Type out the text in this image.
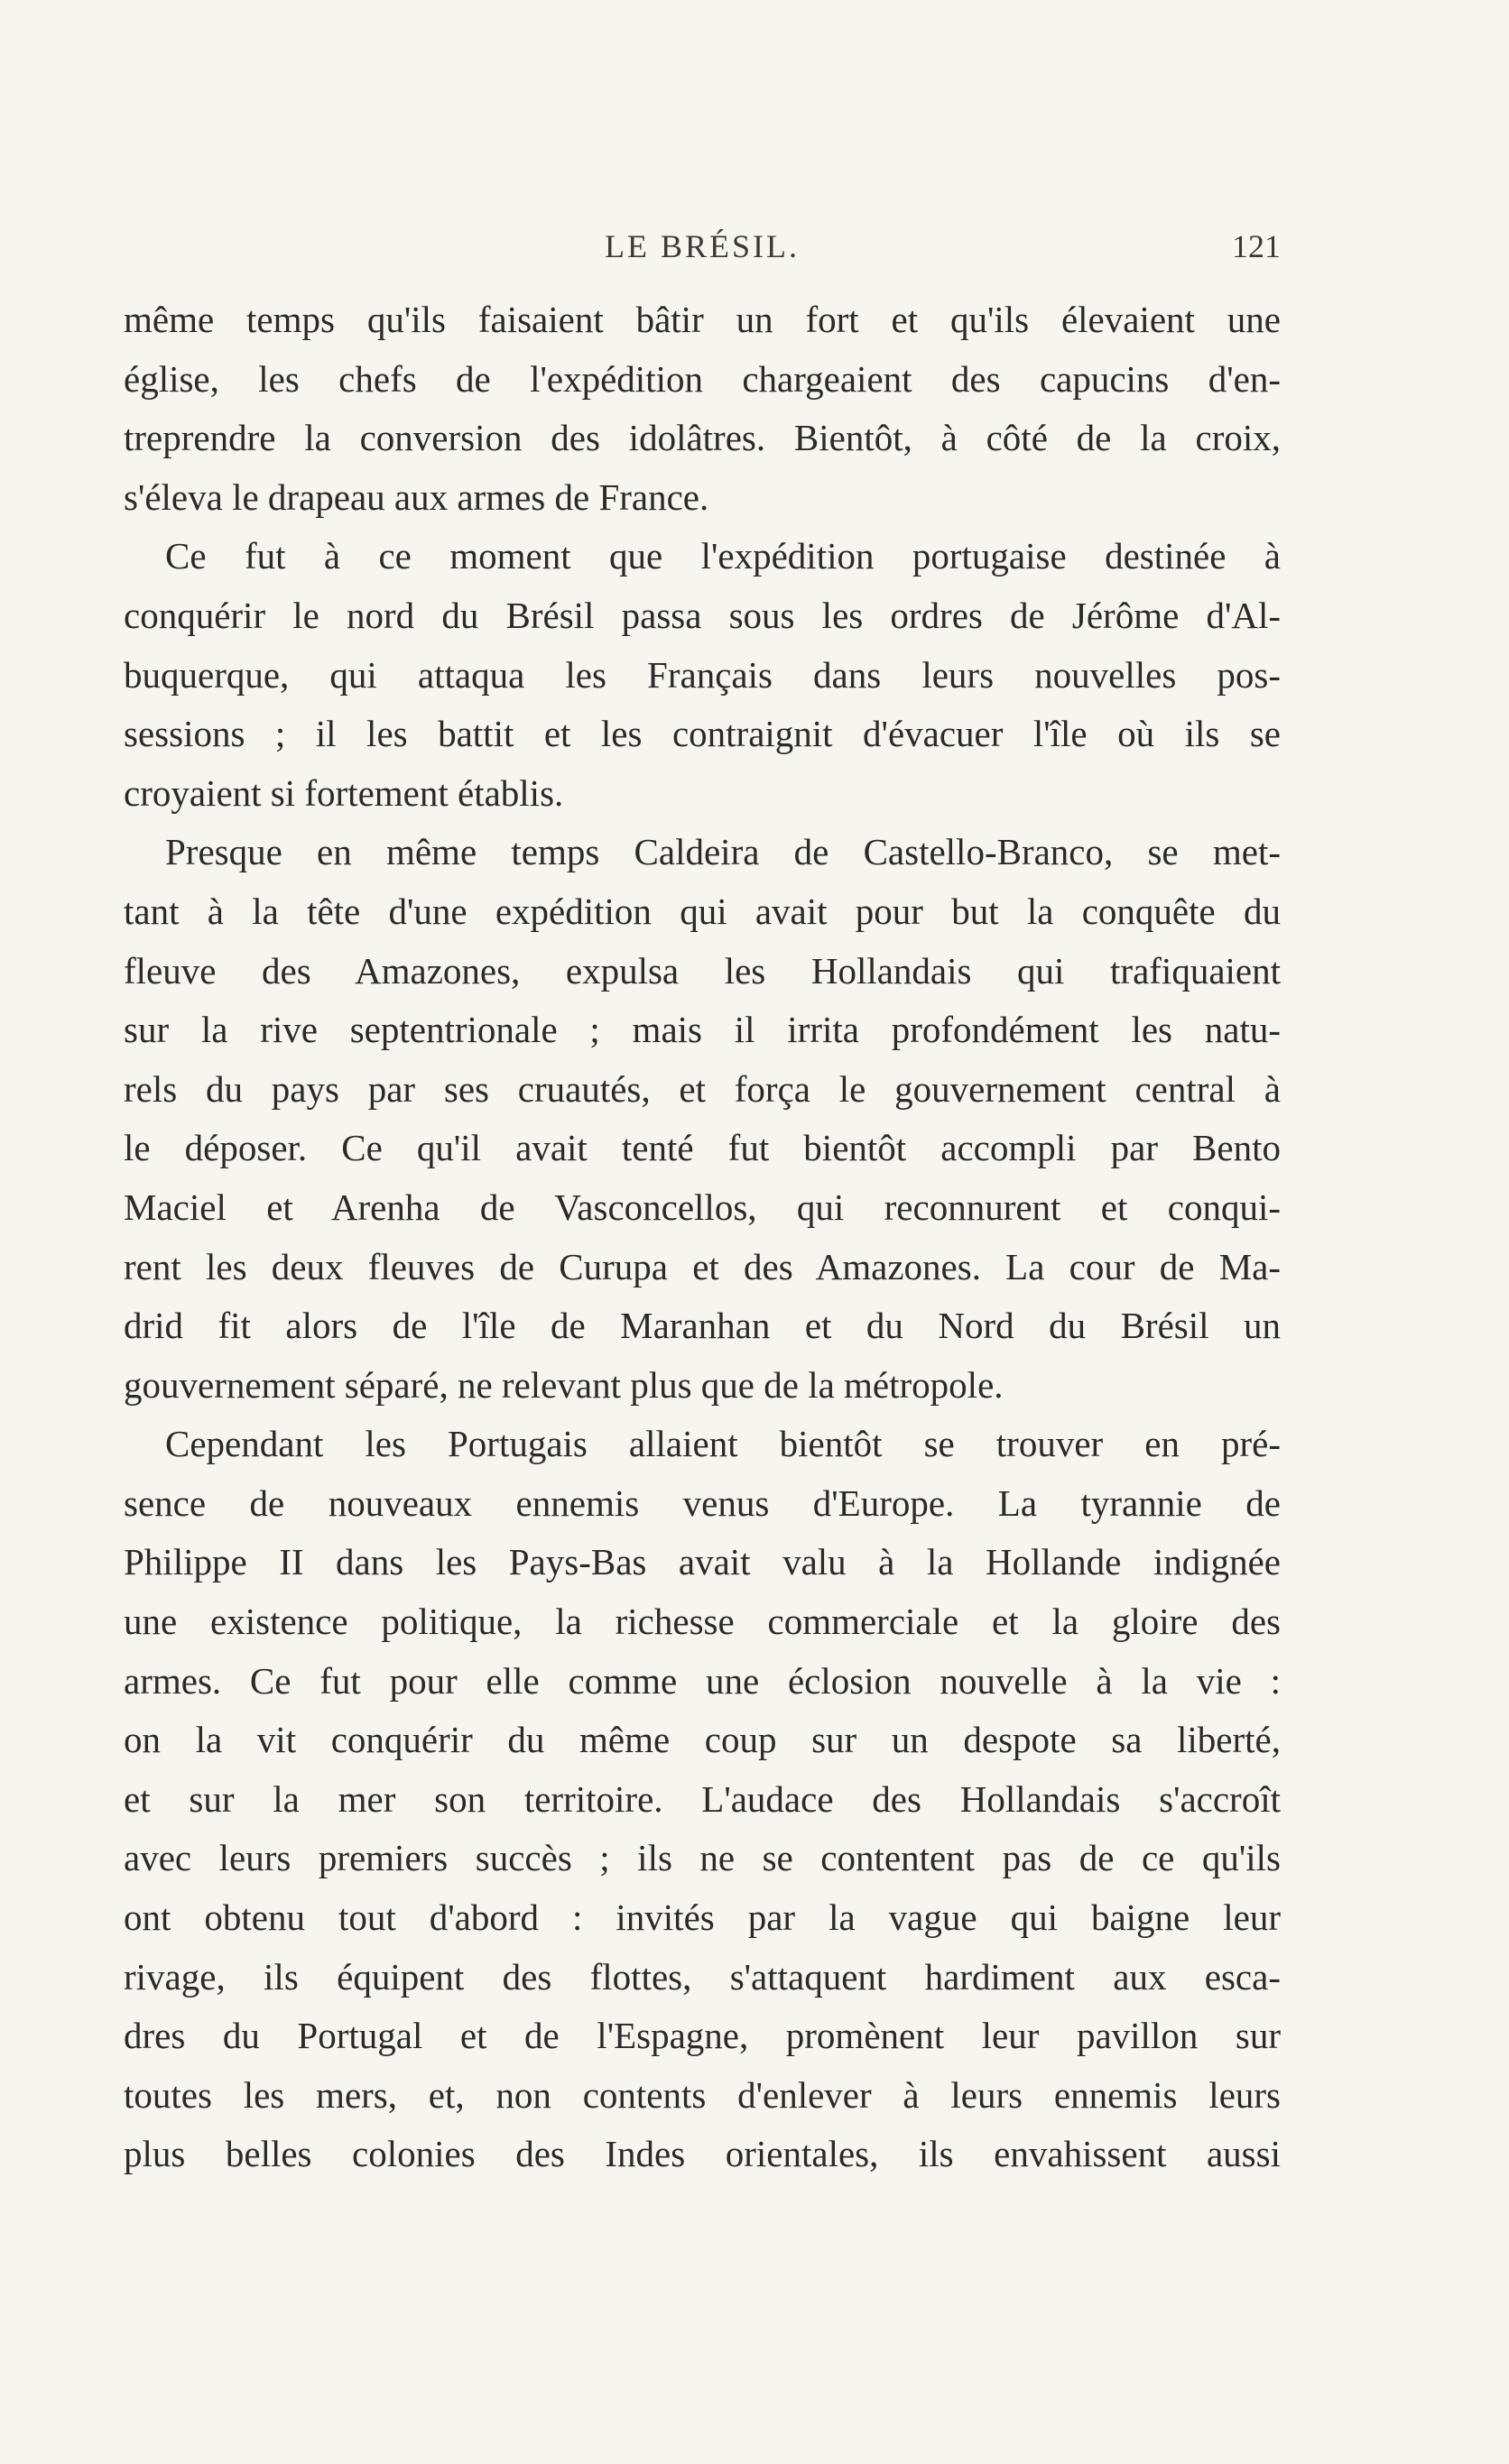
LE BRÉSIL.	121
même temps qu'ils faisaient bâtir un fort et qu'ils élevaient une
église, les chefs de l'expédition chargeaient des capucins d'en-
treprendre la conversion des idolâtres. Bientôt, à côté de la croix,
s'éleva le drapeau aux armes de France.
Ce fut à ce moment que l'expédition portugaise destinée à
conquérir le nord du Brésil passa sous les ordres de Jérôme d'Al-
buquerque, qui attaqua les Français dans leurs nouvelles pos-
sessions ; il les battit et les contraignit d'évacuer l'île où ils se
croyaient si fortement établis.
Presque en même temps Caldeira de Castello-Branco, se met-
tant à la tête d'une expédition qui avait pour but la conquête du
fleuve des Amazones, expulsa les Hollandais qui trafiquaient
sur la rive septentrionale ; mais il irrita profondément les natu-
rels du pays par ses cruautés, et força le gouvernement central à
le déposer. Ce qu'il avait tenté fut bientôt accompli par Bento
Maciel et Arenha de Vasconcellos, qui reconnurent et conqui-
rent les deux fleuves de Curupa et des Amazones. La cour de Ma-
drid fit alors de l'île de Maranhan et du Nord du Brésil un
gouvernement séparé, ne relevant plus que de la métropole.
Cependant les Portugais allaient bientôt se trouver en pré-
sence de nouveaux ennemis venus d'Europe. La tyrannie de
Philippe II dans les Pays-Bas avait valu à la Hollande indignée
une existence politique, la richesse commerciale et la gloire des
armes. Ce fut pour elle comme une éclosion nouvelle à la vie :
on la vit conquérir du même coup sur un despote sa liberté,
et sur la mer son territoire. L'audace des Hollandais s'accroît
avec leurs premiers succès ; ils ne se contentent pas de ce qu'ils
ont obtenu tout d'abord : invités par la vague qui baigne leur
rivage, ils équipent des flottes, s'attaquent hardiment aux esca-
dres du Portugal et de l'Espagne, promènent leur pavillon sur
toutes les mers, et, non contents d'enlever à leurs ennemis leurs
plus belles colonies des Indes orientales, ils envahissent aussi
